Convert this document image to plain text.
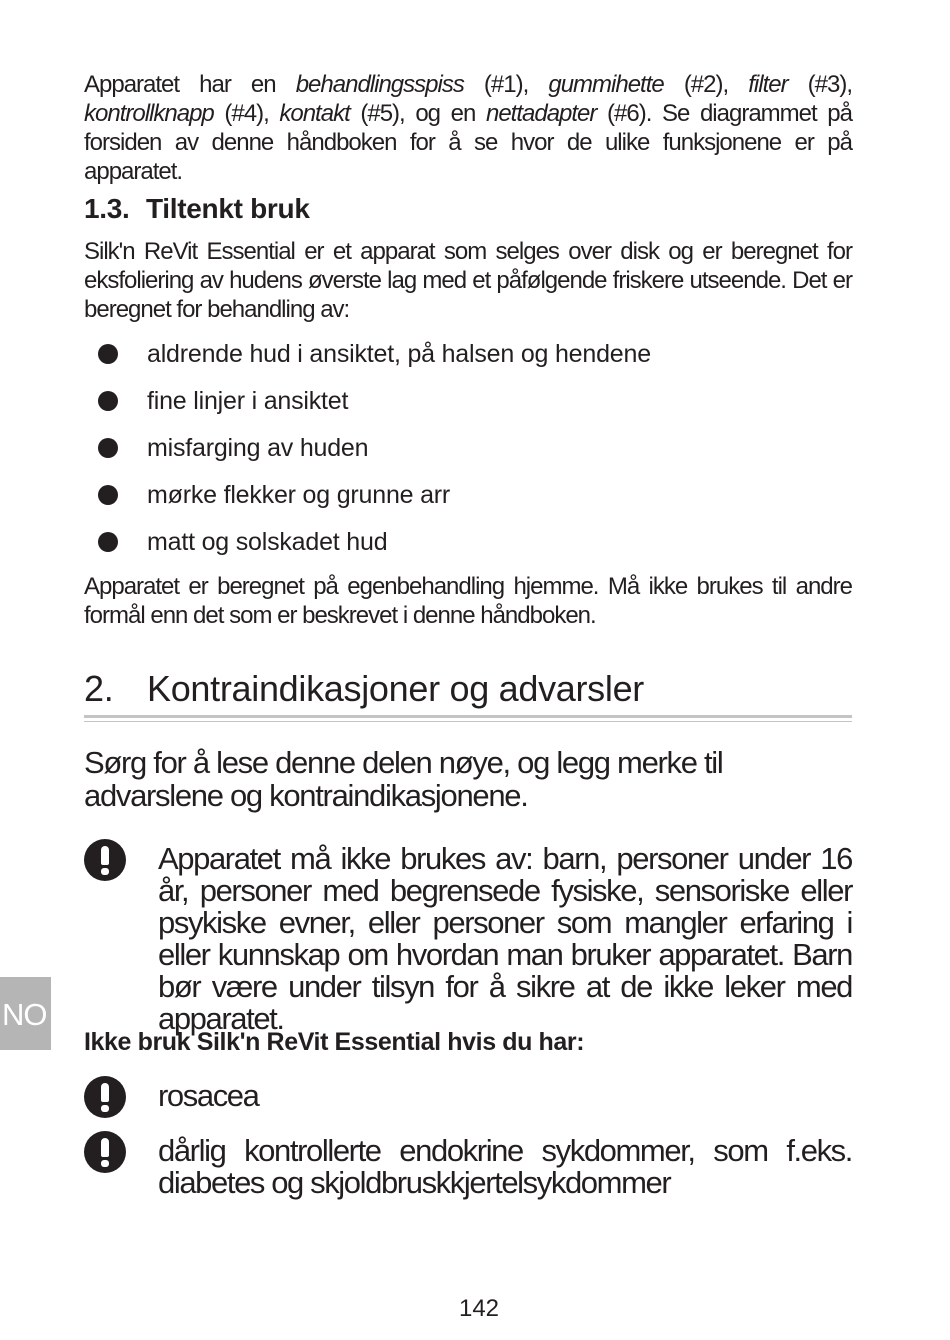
Apparatet har en behandlingsspiss (#1), gummihette (#2), filter (#3), kontrollknapp (#4), kontakt (#5), og en nettadapter (#6). Se diagrammet på forsiden av denne håndboken for å se hvor de ulike funksjonene er på apparatet.

1.3. Tiltenkt bruk

Silk'n ReVit Essential er et apparat som selges over disk og er beregnet for eksfoliering av hudens øverste lag med et påfølgende friskere utseende. Det er beregnet for behandling av:

aldrende hud i ansiktet, på halsen og hendene
fine linjer i ansiktet
misfarging av huden
mørke flekker og grunne arr
matt og solskadet hud

Apparatet er beregnet på egenbehandling hjemme. Må ikke brukes til andre formål enn det som er beskrevet i denne håndboken.

2. Kontraindikasjoner og advarsler

Sørg for å lese denne delen nøye, og legg merke til advarslene og kontraindikasjonene.

Apparatet må ikke brukes av: barn, personer under 16 år, personer med begrensede fysiske, sensoriske eller psykiske evner, eller personer som mangler erfaring i eller kunnskap om hvordan man bruker apparatet. Barn bør være under tilsyn for å sikre at de ikke leker med apparatet.

NO

Ikke bruk Silk'n ReVit Essential hvis du har:

rosacea

dårlig kontrollerte endokrine sykdommer, som f.eks. diabetes og skjoldbruskkjertelsykdommer

142
